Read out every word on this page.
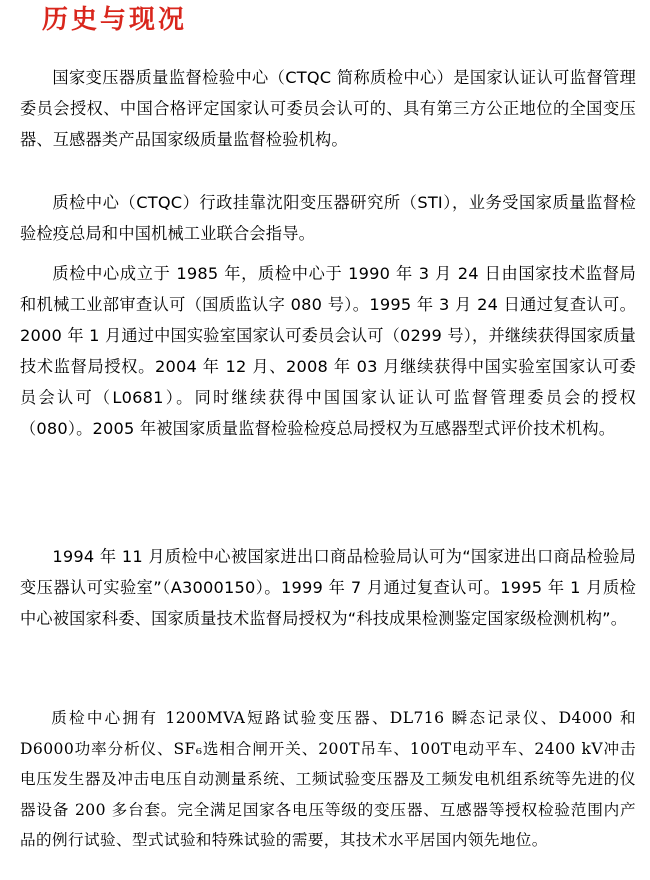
历史与现况

国家变压器质量监督检验中心（CTQC 简称质检中心）是国家认证认可监督管理委员会授权、中国合格评定国家认可委员会认可的、具有第三方公正地位的全国变压器、互感器类产品国家级质量监督检验机构。

质检中心（CTQC）行政挂靠沈阳变压器研究所（STI），业务受国家质量监督检验检疫总局和中国机械工业联合会指导。

质检中心成立于 1985 年，质检中心于 1990 年 3 月 24 日由国家技术监督局和机械工业部审查认可（国质监认字 080 号）。1995 年 3 月 24 日通过复查认可。2000 年 1 月通过中国实验室国家认可委员会认可（0299 号），并继续获得国家质量技术监督局授权。2004 年 12 月、2008 年 03 月继续获得中国实验室国家认可委员会认可（L0681）。同时继续获得中国国家认证认可监督管理委员会的授权（080）。2005 年被国家质量监督检验检疫总局授权为互感器型式评价技术机构。

1994 年 11 月质检中心被国家进出口商品检验局认可为“国家进出口商品检验局变压器认可实验室”（A3000150）。1999 年 7 月通过复查认可。1995 年 1 月质检中心被国家科委、国家质量技术监督局授权为“科技成果检测鉴定国家级检测机构”。

质检中心拥有 1200MVA短路试验变压器、DL716 瞬态记录仪、D4000 和D6000功率分析仪、SF₆选相合闸开关、200T吊车、100T电动平车、2400 kV冲击电压发生器及冲击电压自动测量系统、工频试验变压器及工频发电机组系统等先进的仪器设备 200 多台套。完全满足国家各电压等级的变压器、互感器等授权检验范围内产品的例行试验、型式试验和特殊试验的需要，其技术水平居国内领先地位。
